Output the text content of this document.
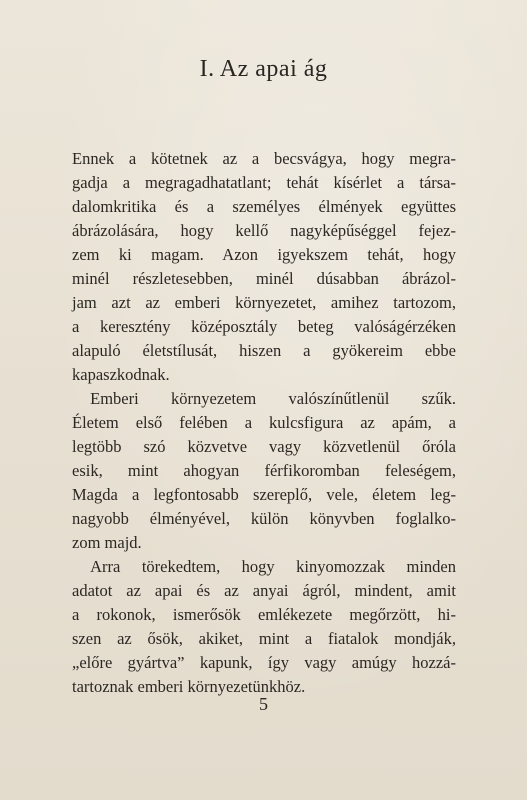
I. Az apai ág

Ennek a kötetnek az a becsvágya, hogy megra-
gadja a megragadhatatlant; tehát kísérlet a társa-
dalomkritika és a személyes élmények együttes
ábrázolására, hogy kellő nagyképűséggel fejez-
zem ki magam. Azon igyekszem tehát, hogy
minél részletesebben, minél dúsabban ábrázol-
jam azt az emberi környezetet, amihez tartozom,
a keresztény középosztály beteg valóságérzéken
alapuló életstílusát, hiszen a gyökereim ebbe
kapaszkodnak.

Emberi környezetem valószínűtlenül szűk.
Életem első felében a kulcsfigura az apám, a
legtöbb szó közvetve vagy közvetlenül őróla
esik, mint ahogyan férfikoromban feleségem,
Magda a legfontosabb szereplő, vele, életem leg-
nagyobb élményével, külön könyvben foglalko-
zom majd.

Arra törekedtem, hogy kinyomozzak minden
adatot az apai és az anyai ágról, mindent, amit
a rokonok, ismerősök emlékezete megőrzött, hi-
szen az ősök, akiket, mint a fiatalok mondják,
„előre gyártva” kapunk, így vagy amúgy hozzá-
tartoznak emberi környezetünkhöz.

5
